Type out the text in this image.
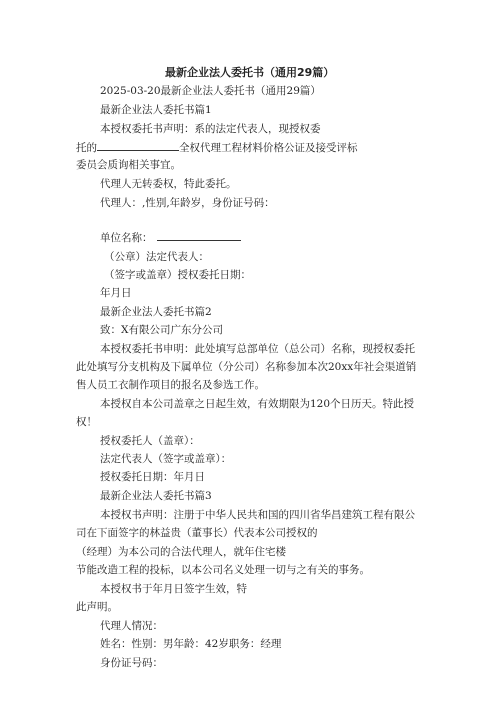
最新企业法人委托书（通用29篇）
2025-03-20最新企业法人委托书（通用29篇）
最新企业法人委托书篇1
本授权委托书声明：系的法定代表人，现授权委
托的	全权代理工程材料价格公证及接受评标
委员会质询相关事宜。
代理人无转委权，特此委托。
代理人：,性别,年龄岁，身份证号码：
单位名称：
（公章）法定代表人：
（签字或盖章）授权委托日期：
年月日
最新企业法人委托书篇2
致：X有限公司广东分公司
本授权委托书申明：此处填写总部单位（总公司）名称，现授权委托
此处填写分支机构及下属单位（分公司）名称参加本次20xx年社会渠道销
售人员工衣制作项目的报名及参选工作。
本授权自本公司盖章之日起生效，有效期限为120个日历天。特此授
权！
授权委托人（盖章）：
法定代表人（签字或盖章）：
授权委托日期：年月日
最新企业法人委托书篇3
本授权书声明：注册于中华人民共和国的四川省华昌建筑工程有限公
司在下面签字的林益贵（董事长）代表本公司授权的
（经理）为本公司的合法代理人，就年住宅楼
节能改造工程的投标，以本公司名义处理一切与之有关的事务。
本授权书于年月日签字生效，特
此声明。
代理人情况：
姓名：性别：男年龄：42岁职务：经理
身份证号码：
